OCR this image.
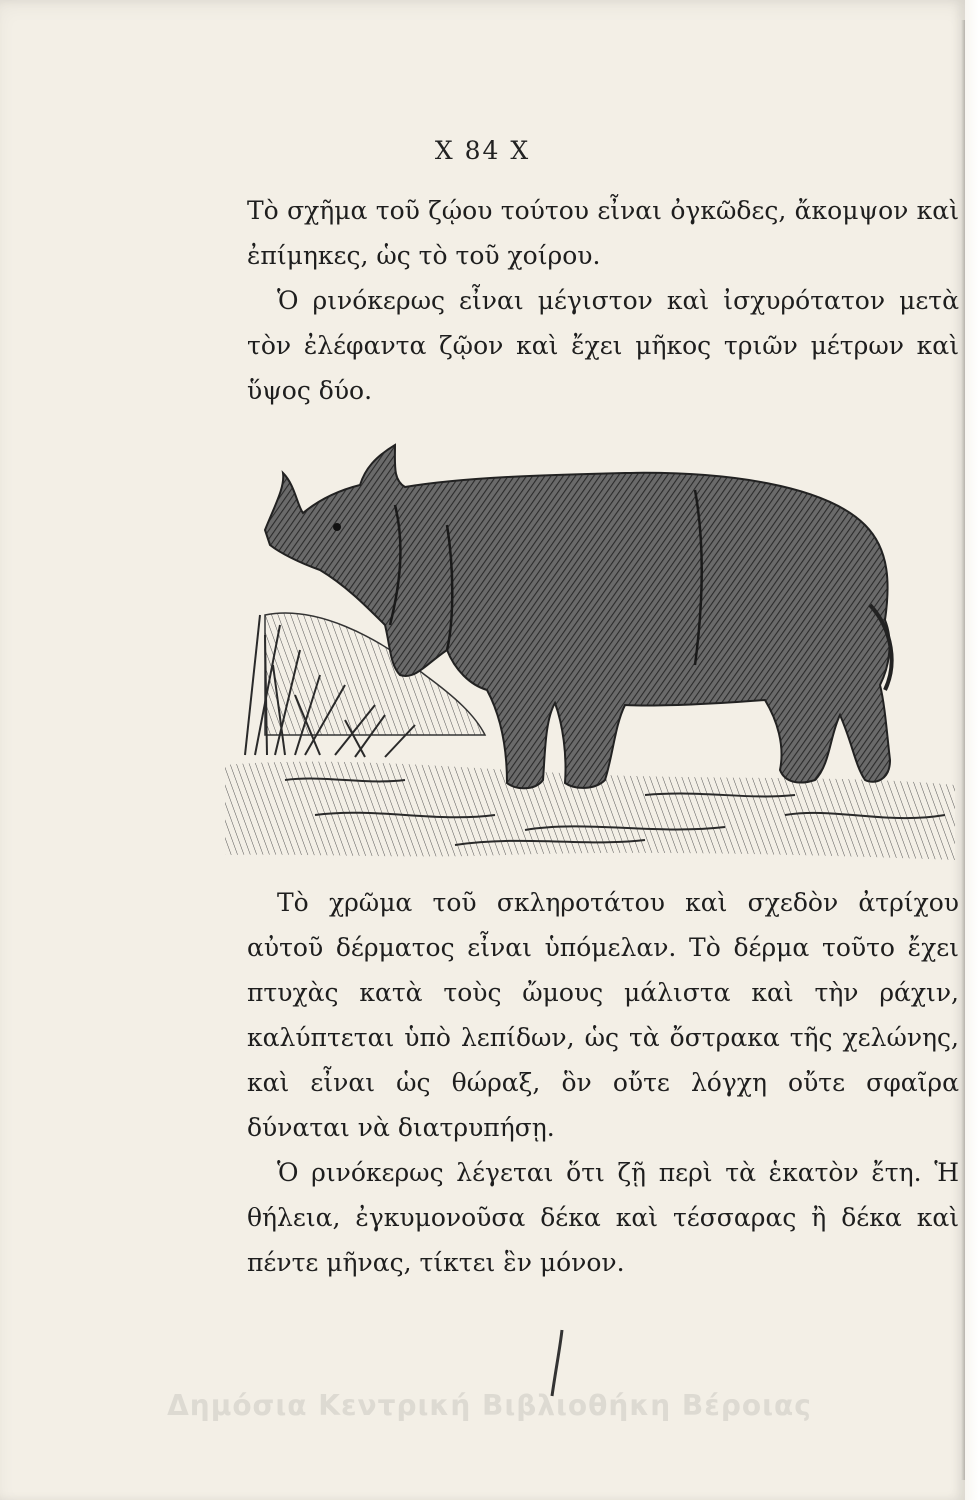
Χ 84 Χ

Τὸ σχῆμα τοῦ ζῴου τούτου εἶναι ὀγκῶδες, ἄκομψον καὶ ἐπίμηκες, ὡς τὸ τοῦ χοίρου.

Ὁ ρινόκερως εἶναι μέγιστον καὶ ἰσχυρότατον μετὰ τὸν ἐλέφαντα ζῷον καὶ ἔχει μῆκος τριῶν μέτρων καὶ ὕψος δύο.

Τὸ χρῶμα τοῦ σκληροτάτου καὶ σχεδὸν ἀτρίχου αὐτοῦ δέρματος εἶναι ὑπόμελαν. Τὸ δέρμα τοῦτο ἔχει πτυχὰς κατὰ τοὺς ὤμους μάλιστα καὶ τὴν ράχιν, καλύπτεται ὑπὸ λεπίδων, ὡς τὰ ὄστρακα τῆς χελώνης, καὶ εἶναι ὡς θώραξ, ὃν οὔτε λόγχη οὔτε σφαῖρα δύναται νὰ διατρυπήσῃ.

Ὁ ρινόκερως λέγεται ὅτι ζῇ περὶ τὰ ἑκατὸν ἔτη. Ἡ θήλεια, ἐγκυμονοῦσα δέκα καὶ τέσσαρας ἢ δέκα καὶ πέντε μῆνας, τίκτει ἓν μόνον.

Δημόσια Κεντρική Βιβλιοθήκη Βέροιας
